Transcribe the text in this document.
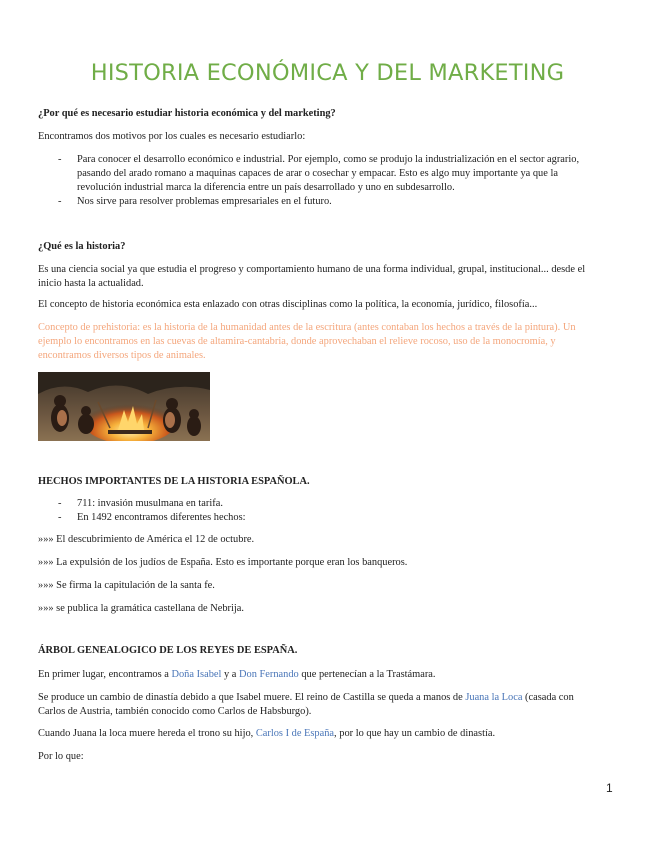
HISTORIA ECONÓMICA Y DEL MARKETING

¿Por qué es necesario estudiar historia económica y del marketing?

Encontramos dos motivos por los cuales es necesario estudiarlo:

- Para conocer el desarrollo económico e industrial. Por ejemplo, como se produjo la industrialización en el sector agrario, pasando del arado romano a maquinas capaces de arar o cosechar y empacar. Esto es algo muy importante ya que la revolución industrial marca la diferencia entre un país desarrollado y uno en subdesarrollo.
- Nos sirve para resolver problemas empresariales en el futuro.

¿Qué es la historia?

Es una ciencia social ya que estudia el progreso y comportamiento humano de una forma individual, grupal, institucional... desde el inicio hasta la actualidad.

El concepto de historia económica esta enlazado con otras disciplinas como la política, la economía, jurídico, filosofía...

Concepto de prehistoria: es la historia de la humanidad antes de la escritura (antes contaban los hechos a través de la pintura). Un ejemplo lo encontramos en las cuevas de altamira-cantabria, donde aprovechaban el relieve rocoso, uso de la monocromía, y encontramos diversos tipos de animales.

HECHOS IMPORTANTES DE LA HISTORIA ESPAÑOLA.

- 711: invasión musulmana en tarifa.
- En 1492 encontramos diferentes hechos:

»»» El descubrimiento de América el 12 de octubre.

»»» La expulsión de los judíos de España. Esto es importante porque eran los banqueros.

»»» Se firma la capitulación de la santa fe.

»»» se publica la gramática castellana de Nebrija.

ÁRBOL GENEALOGICO DE LOS REYES DE ESPAÑA.

En primer lugar, encontramos a Doña Isabel y a Don Fernando que pertenecían a la Trastámara.

Se produce un cambio de dinastía debido a que Isabel muere. El reino de Castilla se queda a manos de Juana la Loca (casada con Carlos de Austria, también conocido como Carlos de Habsburgo).

Cuando Juana la loca muere hereda el trono su hijo, Carlos I de España, por lo que hay un cambio de dinastía.

Por lo que:

1
